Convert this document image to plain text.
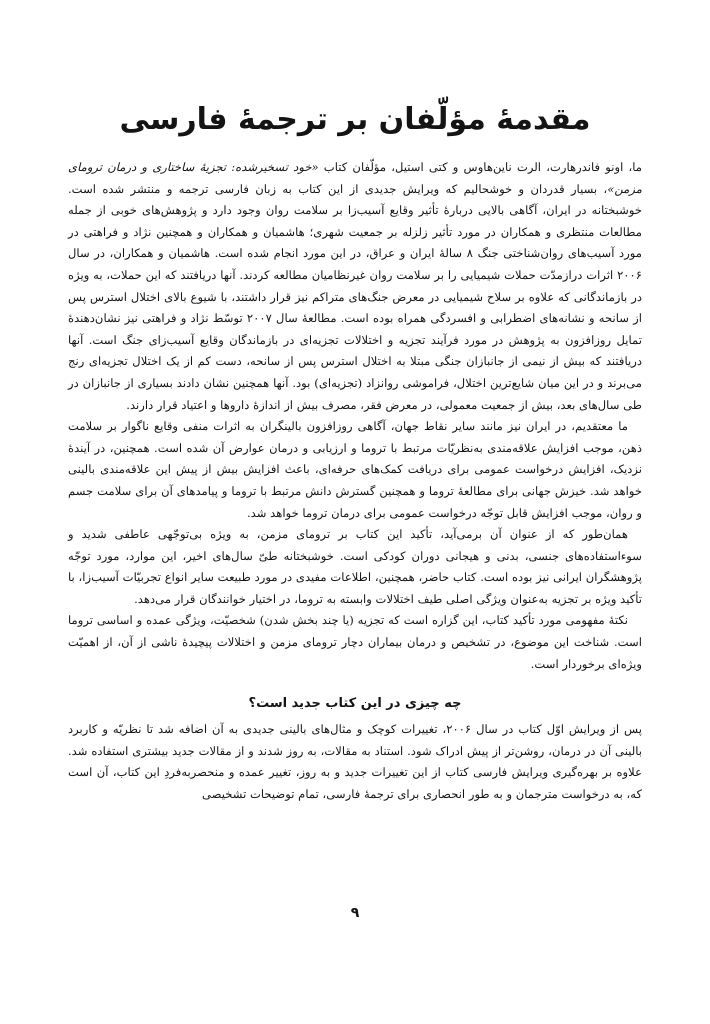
مقدمهٔ مؤلّفان بر ترجمهٔ فارسی

ما، اونو فاندرهارت، الرت ناین‌هاوس و کتی استیل، مؤلّفان کتاب «خود تسخیرشده: تجزیهٔ ساختاری و درمان ترومای مزمن»، بسیار قدردان و خوشحالیم که ویرایش جدیدی از این کتاب به زبان فارسی ترجمه و منتشر شده است. خوشبختانه در ایران، آگاهی بالایی دربارهٔ تأثیر وقایع آسیب‌زا بر سلامت روان وجود دارد و پژوهش‌های خوبی از جمله مطالعات منتظری و همکاران در مورد تأثیر زلزله بر جمعیت شهری؛ هاشمیان و همکاران و همچنین نژاد و فراهتی در مورد آسیب‌های روان‌شناختی جنگ ۸ سالهٔ ایران و عراق، در این مورد انجام شده است. هاشمیان و همکاران، در سال ۲۰۰۶ اثرات درازمدّت حملات شیمیایی را بر سلامت روان غیرنظامیان مطالعه کردند. آنها دریافتند که این حملات، به ویژه در بازماندگانی که علاوه بر سلاح شیمیایی در معرض جنگ‌های متراکم نیز قرار داشتند، با شیوع بالای اختلال استرس پس از سانحه و نشانه‌های اضطرابی و افسردگی همراه بوده است. مطالعهٔ سال ۲۰۰۷ توسّط نژاد و فراهتی نیز نشان‌دهندهٔ تمایل روزافزون به پژوهش در مورد فرآیند تجزیه و اختلالات تجزیه‌ای در بازماندگان وقایع آسیب‌زای جنگ است. آنها دریافتند که بیش از نیمی از جانبازان جنگی مبتلا به اختلال استرس پس از سانحه، دست کم از یک اختلال تجزیه‌ای رنج می‌برند و در این میان شایع‌ترین اختلال، فراموشی روانزاد (تجزیه‌ای) بود. آنها همچنین نشان دادند بسیاری از جانبازان در طی سال‌های بعد، بیش از جمعیت معمولی، در معرض فقر، مصرف بیش از اندازهٔ داروها و اعتیاد قرار دارند.

ما معتقدیم، در ایران نیز مانند سایر نقاط جهان، آگاهی روزافزون بالینگران به اثرات منفی وقایع ناگوار بر سلامت ذهن، موجب افزایش علاقه‌مندی به‌نظریّات مرتبط با تروما و ارزیابی و درمان عوارض آن شده است. همچنین، در آیندهٔ نزدیک، افزایش درخواست عمومی برای دریافت کمک‌های حرفه‌ای، باعث افزایش بیش از پیش این علاقه‌مندی بالینی خواهد شد. خیزش جهانی برای مطالعهٔ تروما و همچنین گسترش دانش مرتبط با تروما و پیامدهای آن برای سلامت جسم و روان، موجب افزایش قابل توجّه درخواست عمومی برای درمان تروما خواهد شد.

همان‌طور که از عنوان آن برمی‌آید، تأکید این کتاب بر ترومای مزمن، به ویژه بی‌توجّهی عاطفی شدید و سوءاستفاده‌های جنسی، بدنی و هیجانی دوران کودکی است. خوشبختانه طیّ سال‌های اخیر، این موارد، مورد توجّه پژوهشگران ایرانی نیز بوده است. کتاب حاضر، همچنین، اطلاعات مفیدی در مورد طبیعت سایر انواع تجربیّات آسیب‌زا، با تأکید ویژه بر تجزیه به‌عنوان ویژگی اصلی طیف اختلالات وابسته به تروما، در اختیار خوانندگان قرار می‌دهد.

نکتهٔ مفهومی مورد تأکید کتاب، این گزاره است که تجزیه (یا چند بخش شدن) شخصیّت، ویژگی عمده و اساسی تروما است. شناخت این موضوع، در تشخیص و درمان بیماران دچار ترومای مزمن و اختلالات پیچیدهٔ ناشی از آن، از اهمیّت ویژه‌ای برخوردار است.

چه چیزی در این کتاب جدید است؟

پس از ویرایش اوّل کتاب در سال ۲۰۰۶، تغییرات کوچک و مثال‌های بالینی جدیدی به آن اضافه شد تا نظریّه و کاربرد بالینی آن در درمان، روشن‌تر از پیش ادراک شود. استناد به مقالات، به روز شدند و از مقالات جدید بیشتری استفاده شد. علاوه بر بهره‌گیری ویرایش فارسی کتاب از این تغییرات جدید و به روز، تغییر عمده و منحصربه‌فردِ این کتاب، آن است که، به درخواست مترجمان و به طور انحصاری برای ترجمهٔ فارسی، تمام توضیحات تشخیصی

۹
